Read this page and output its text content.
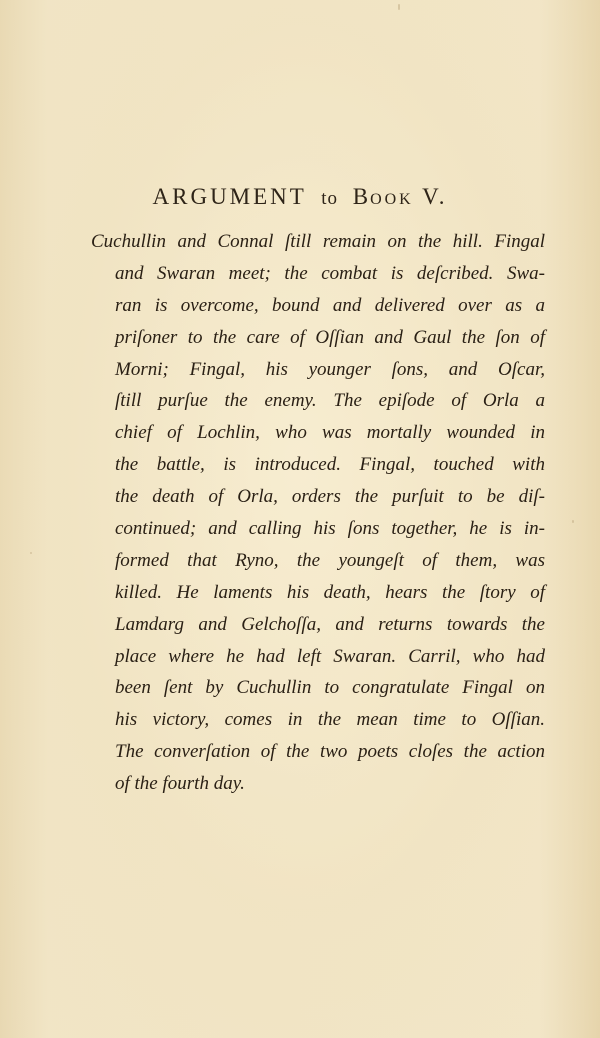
ARGUMENT to BOOK V.
Cuchullin and Connal ſtill remain on the hill. Fingal
and Swaran meet; the combat is deſcribed. Swa-
ran is overcome, bound and delivered over as a
priſoner to the care of Oſſian and Gaul the ſon of
Morni; Fingal, his younger ſons, and Oſcar,
ſtill purſue the enemy. The epiſode of Orla a
chief of Lochlin, who was mortally wounded in
the battle, is introduced. Fingal, touched with
the death of Orla, orders the purſuit to be diſ-
continued; and calling his ſons together, he is in-
formed that Ryno, the youngeſt of them, was
killed. He laments his death, hears the ſtory of
Lamdarg and Gelchoſſa, and returns towards the
place where he had left Swaran. Carril, who had
been ſent by Cuchullin to congratulate Fingal on
his victory, comes in the mean time to Oſſian.
The converſation of the two poets cloſes the action
of the fourth day.
